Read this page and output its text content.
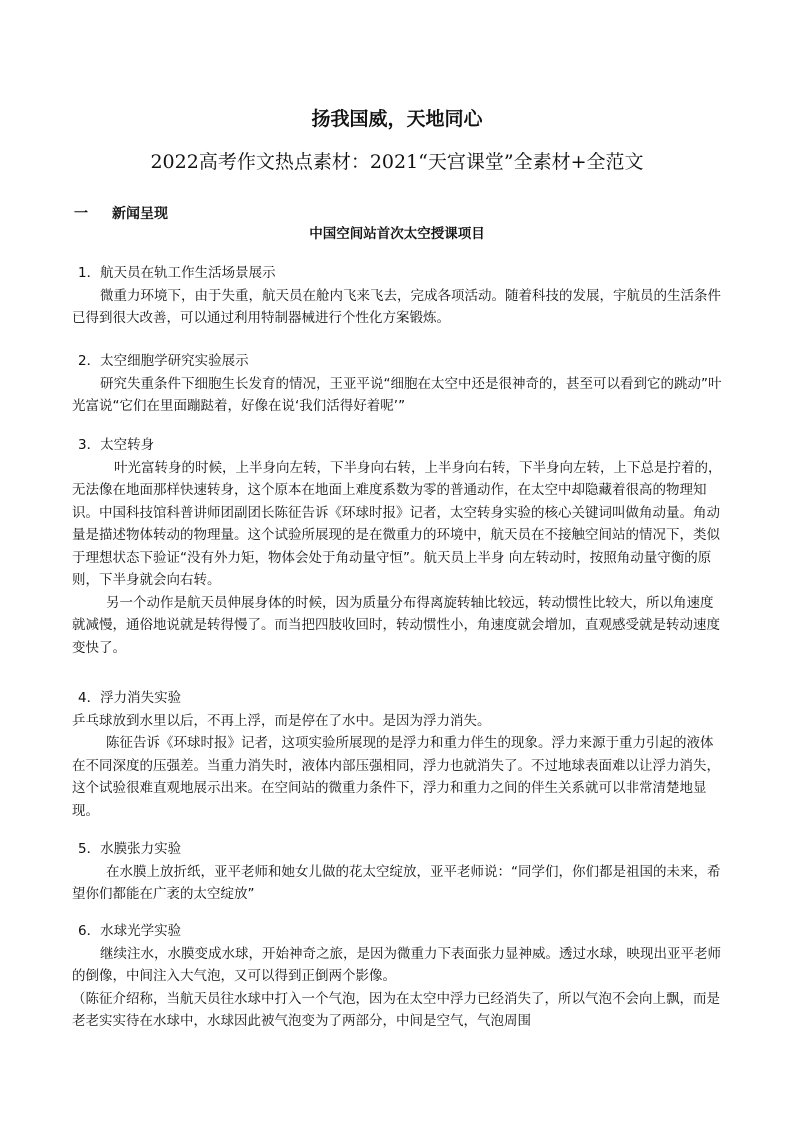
扬我国威，天地同心
2022高考作文热点素材：2021“天宫课堂”全素材+全范文
一 新闻呈现
中国空间站首次太空授课项目

1．航天员在轨工作生活场景展示

微重力环境下，由于失重，航天员在舱内飞来飞去，完成各项活动。随着科技的发展，宇航员的生活条件已得到很大改善，可以通过利用特制器械进行个性化方案锻炼。

2．太空细胞学研究实验展示

研究失重条件下细胞生长发育的情况，王亚平说“细胞在太空中还是很神奇的，甚至可以看到它的跳动”叶光富说“它们在里面蹦跶着，好像在说‘我们活得好着呢’”

3．太空转身

叶光富转身的时候，上半身向左转，下半身向右转，上半身向右转，下半身向左转，上下总是拧着的，无法像在地面那样快速转身，这个原本在地面上难度系数为零的普通动作，在太空中却隐藏着很高的物理知识。中国科技馆科普讲师团副团长陈征告诉《环球时报》记者，太空转身实验的核心关键词叫做角动量。角动量是描述物体转动的物理量。这个试验所展现的是在微重力的环境中，航天员在不接触空间站的情况下，类似于理想状态下验证“没有外力矩，物体会处于角动量守恒”。航天员上半身 向左转动时，按照角动量守衡的原则，下半身就会向右转。

另一个动作是航天员伸展身体的时候，因为质量分布得离旋转轴比较远，转动惯性比较大，所以角速度就减慢，通俗地说就是转得慢了。而当把四肢收回时，转动惯性小，角速度就会增加，直观感受就是转动速度变快了。

4．浮力消失实验

乒乓球放到水里以后，不再上浮，而是停在了水中。是因为浮力消失。

陈征告诉《环球时报》记者，这项实验所展现的是浮力和重力伴生的现象。浮力来源于重力引起的液体在不同深度的压强差。当重力消失时，液体内部压强相同，浮力也就消失了。不过地球表面难以让浮力消失，这个试验很难直观地展示出来。在空间站的微重力条件下，浮力和重力之间的伴生关系就可以非常清楚地显现。

5．水膜张力实验

在水膜上放折纸，亚平老师和她女儿做的花太空绽放，亚平老师说：“同学们，你们都是祖国的未来，希望你们都能在广袤的太空绽放”

6．水球光学实验

继续注水，水膜变成水球，开始神奇之旅，是因为微重力下表面张力显神威。透过水球，映现出亚平老师的倒像，中间注入大气泡，又可以得到正倒两个影像。

（陈征介绍称，当航天员往水球中打入一个气泡，因为在太空中浮力已经消失了，所以气泡不会向上飘，而是老老实实待在水球中，水球因此被气泡变为了两部分，中间是空气，气泡周围
